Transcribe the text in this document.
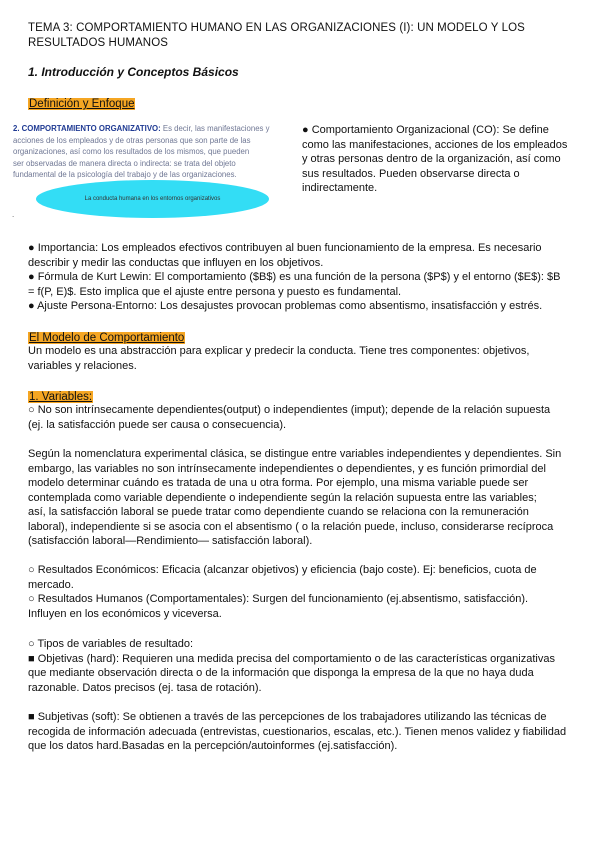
TEMA 3: COMPORTAMIENTO HUMANO EN LAS ORGANIZACIONES (I): UN MODELO Y LOS
RESULTADOS HUMANOS
1. Introducción y Conceptos Básicos
Definición y Enfoque
2. COMPORTAMIENTO ORGANIZATIVO: Es decir, las manifestaciones y
acciones de los empleados y de otras personas que son parte de las
organizaciones, así como los resultados de los mismos, que pueden
ser observadas de manera directa o indirecta: se trata del objeto
fundamental de la psicología del trabajo y de las organizaciones.
La conducta humana en los entornos organizativos
.
● Comportamiento Organizacional (CO): Se define
como las manifestaciones, acciones de los empleados
y otras personas dentro de la organización, así como
sus resultados. Pueden observarse directa o
indirectamente.
● Importancia: Los empleados efectivos contribuyen al buen funcionamiento de la empresa. Es necesario
describir y medir las conductas que influyen en los objetivos.
● Fórmula de Kurt Lewin: El comportamiento ($B$) es una función de la persona ($P$) y el entorno ($E$): $B
= f(P, E)$. Esto implica que el ajuste entre persona y puesto es fundamental.
● Ajuste Persona-Entorno: Los desajustes provocan problemas como absentismo, insatisfacción y estrés.
El Modelo de Comportamiento
Un modelo es una abstracción para explicar y predecir la conducta. Tiene tres componentes: objetivos,
variables y relaciones.
1. Variables:
○ No son intrínsecamente dependientes(output) o independientes (imput); depende de la relación supuesta
(ej. la satisfacción puede ser causa o consecuencia).
Según la nomenclatura experimental clásica, se distingue entre variables independientes y dependientes. Sin
embargo, las variables no son intrínsecamente independientes o dependientes, y es función primordial del
modelo determinar cuándo es tratada de una u otra forma. Por ejemplo, una misma variable puede ser
contemplada como variable dependiente o independiente según la relación supuesta entre las variables;
así, la satisfacción laboral se puede tratar como dependiente cuando se relaciona con la remuneración
laboral), independiente si se asocia con el absentismo ( o la relación puede, incluso, considerarse recíproca
(satisfacción laboral—Rendimiento— satisfacción laboral).
○ Resultados Económicos: Eficacia (alcanzar objetivos) y eficiencia (bajo coste). Ej: beneficios, cuota de
mercado.
○ Resultados Humanos (Comportamentales): Surgen del funcionamiento (ej.absentismo, satisfacción).
Influyen en los económicos y viceversa.
○ Tipos de variables de resultado:
■ Objetivas (hard): Requieren una medida precisa del comportamiento o de las características organizativas
que mediante observación directa o de la información que disponga la empresa de la que no haya duda
razonable. Datos precisos (ej. tasa de rotación).
■ Subjetivas (soft): Se obtienen a través de las percepciones de los trabajadores utilizando las técnicas de
recogida de información adecuada (entrevistas, cuestionarios, escalas, etc.). Tienen menos validez y fiabilidad
que los datos hard.Basadas en la percepción/autoinformes (ej.satisfacción).
